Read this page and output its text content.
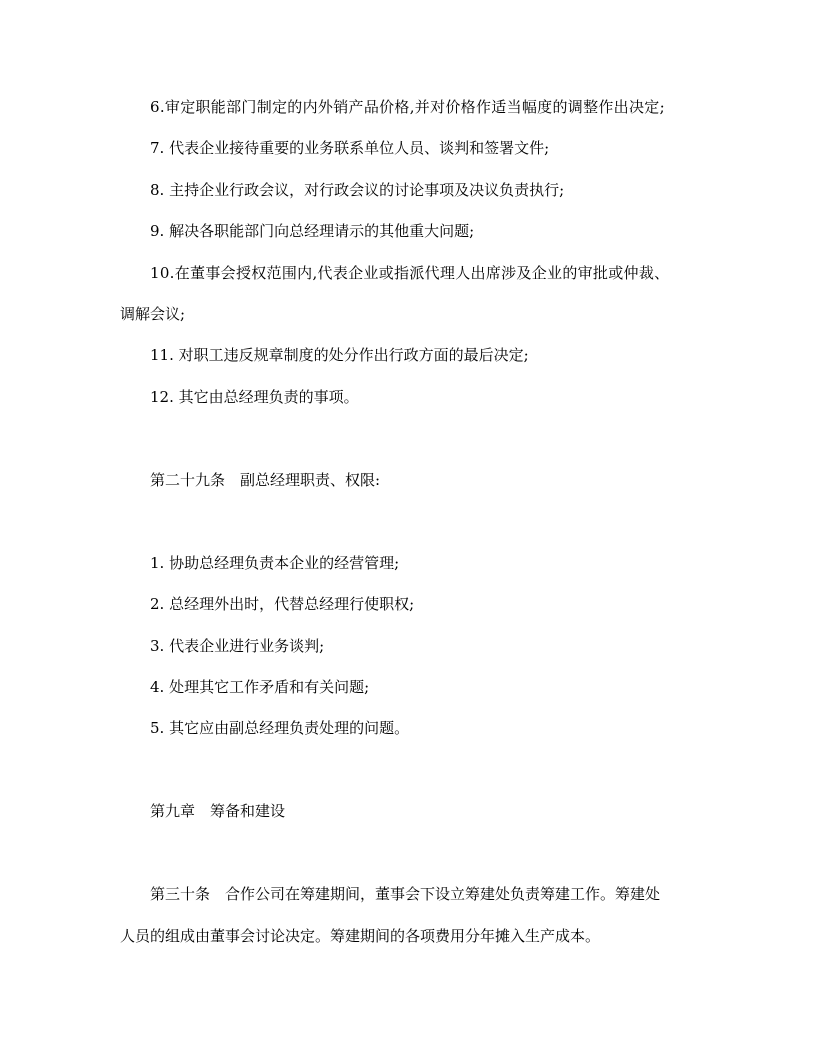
6.审定职能部门制定的内外销产品价格,并对价格作适当幅度的调整作出决定;
7. 代表企业接待重要的业务联系单位人员、谈判和签署文件;
8. 主持企业行政会议，对行政会议的讨论事项及决议负责执行;
9. 解决各职能部门向总经理请示的其他重大问题;
10.在董事会授权范围内,代表企业或指派代理人出席涉及企业的审批或仲裁、
调解会议;
11. 对职工违反规章制度的处分作出行政方面的最后决定;
12. 其它由总经理负责的事项。
第二十九条　副总经理职责、权限:
1. 协助总经理负责本企业的经营管理;
2. 总经理外出时，代替总经理行使职权;
3. 代表企业进行业务谈判;
4. 处理其它工作矛盾和有关问题;
5. 其它应由副总经理负责处理的问题。
第九章　筹备和建设
第三十条　合作公司在筹建期间，董事会下设立筹建处负责筹建工作。筹建处
人员的组成由董事会讨论决定。筹建期间的各项费用分年摊入生产成本。
